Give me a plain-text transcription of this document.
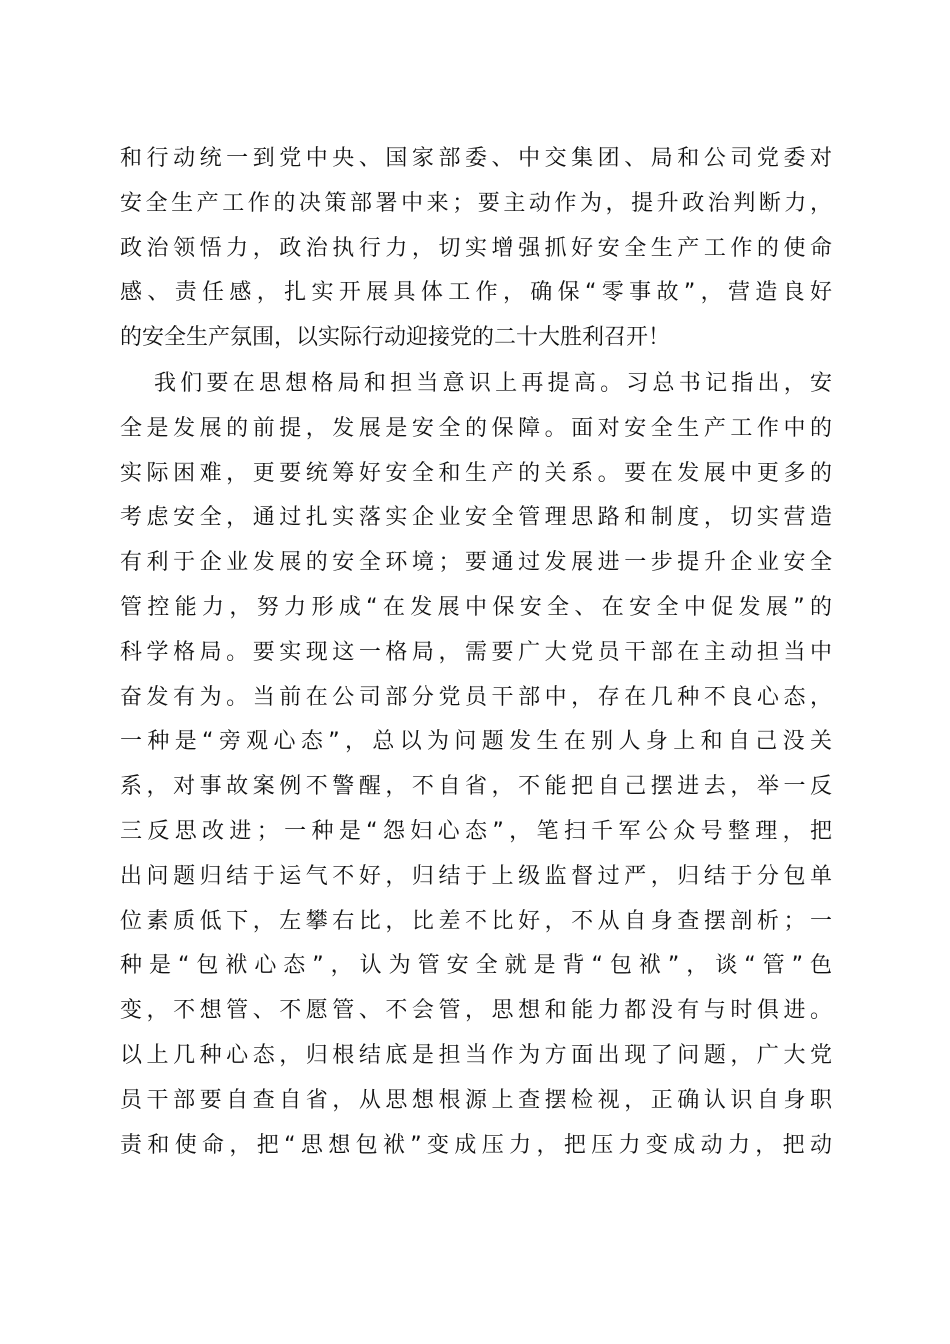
和行动统一到党中央、国家部委、中交集团、局和公司党委对
安全生产工作的决策部署中来；要主动作为，提升政治判断力，
政治领悟力，政治执行力，切实增强抓好安全生产工作的使命
感、责任感，扎实开展具体工作，确保“零事故”，营造良好
的安全生产氛围，以实际行动迎接党的二十大胜利召开！
我们要在思想格局和担当意识上再提高。习总书记指出，安
全是发展的前提，发展是安全的保障。面对安全生产工作中的
实际困难，更要统筹好安全和生产的关系。要在发展中更多的
考虑安全，通过扎实落实企业安全管理思路和制度，切实营造
有利于企业发展的安全环境；要通过发展进一步提升企业安全
管控能力，努力形成“在发展中保安全、在安全中促发展”的
科学格局。要实现这一格局，需要广大党员干部在主动担当中
奋发有为。当前在公司部分党员干部中，存在几种不良心态，
一种是“旁观心态”，总以为问题发生在别人身上和自己没关
系，对事故案例不警醒，不自省，不能把自己摆进去，举一反
三反思改进；一种是“怨妇心态”，笔扫千军公众号整理，把
出问题归结于运气不好，归结于上级监督过严，归结于分包单
位素质低下，左攀右比，比差不比好，不从自身查摆剖析；一
种是“包袱心态”，认为管安全就是背“包袱”，谈“管”色
变，不想管、不愿管、不会管，思想和能力都没有与时俱进。
以上几种心态，归根结底是担当作为方面出现了问题，广大党
员干部要自查自省，从思想根源上查摆检视，正确认识自身职
责和使命，把“思想包袱”变成压力，把压力变成动力，把动
